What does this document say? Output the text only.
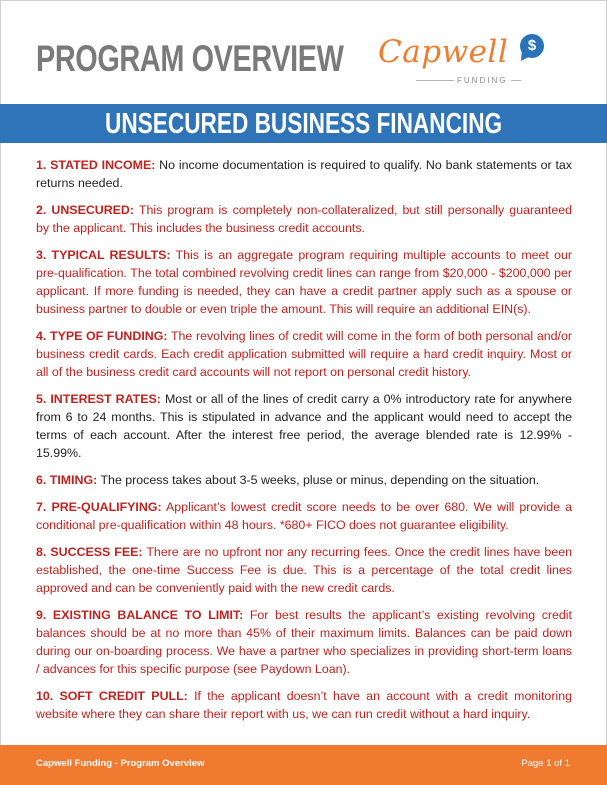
PROGRAM OVERVIEW Capwell
FUNDING
$
UNSECURED BUSINESS FINANCING
1. STATED INCOME: No income documentation is required to qualify. No bank statements or tax returns needed.
2. UNSECURED: This program is completely non-collateralized, but still personally guaranteed by the applicant. This includes the business credit accounts.
3. TYPICAL RESULTS: This is an aggregate program requiring multiple accounts to meet our pre-qualification. The total combined revolving credit lines can range from $20,000 - $200,000 per applicant. If more funding is needed, they can have a credit partner apply such as a spouse or business partner to double or even triple the amount. This will require an additional EIN(s).
4. TYPE OF FUNDING: The revolving lines of credit will come in the form of both personal and/or business credit cards. Each credit application submitted will require a hard credit inquiry. Most or all of the business credit card accounts will not report on personal credit history.
5. INTEREST RATES: Most or all of the lines of credit carry a 0% introductory rate for anywhere from 6 to 24 months. This is stipulated in advance and the applicant would need to accept the terms of each account. After the interest free period, the average blended rate is 12.99% - 15.99%.
6. TIMING: The process takes about 3-5 weeks, pluse or minus, depending on the situation.
7. PRE-QUALIFYING: Applicant’s lowest credit score needs to be over 680. We will provide a conditional pre-qualification within 48 hours. *680+ FICO does not guarantee eligibility.
8. SUCCESS FEE: There are no upfront nor any recurring fees. Once the credit lines have been established, the one-time Success Fee is due. This is a percentage of the total credit lines approved and can be conveniently paid with the new credit cards.
9. EXISTING BALANCE TO LIMIT: For best results the applicant’s existing revolving credit balances should be at no more than 45% of their maximum limits. Balances can be paid down during our on-boarding process. We have a partner who specializes in providing short-term loans / advances for this specific purpose (see Paydown Loan).
10. SOFT CREDIT PULL: If the applicant doesn’t have an account with a credit monitoring website where they can share their report with us, we can run credit without a hard inquiry.
Capwell Funding - Program Overview	Page 1 of 1
